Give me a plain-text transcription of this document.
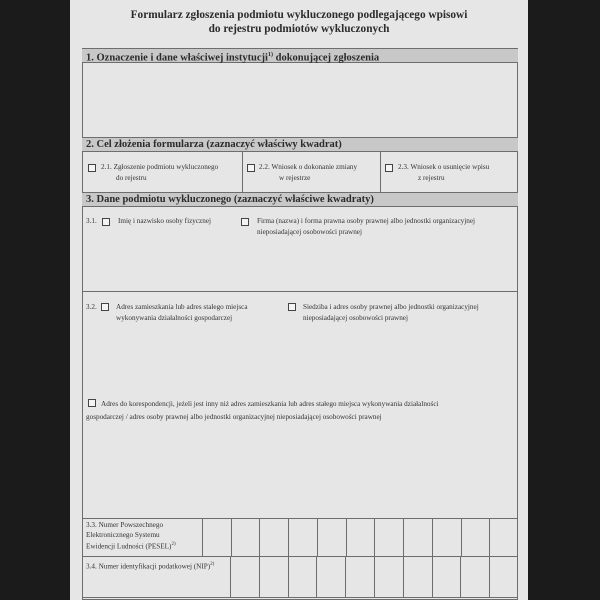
Formularz zgłoszenia podmiotu wykluczonego podlegającego wpisowi
do rejestru podmiotów wykluczonych
1. Oznaczenie i dane właściwej instytucji$^{1)}$ dokonującej zgłoszenia
2. Cel złożenia formularza (zaznaczyć właściwy kwadrat)
2.1. Zgłoszenie podmiotu wykluczonego
do rejestru
2.2. Wniosek o dokonanie zmiany
w rejestrze
2.3. Wniosek o usunięcie wpisu
z rejestru
3. Dane podmiotu wykluczonego (zaznaczyć właściwe kwadraty)
3.1.	Imię i nazwisko osoby fizycznej	Firma (nazwa) i forma prawna osoby prawnej albo jednostki organizacyjnej
nieposiadającej osobowości prawnej
3.2.	Adres zamieszkania lub adres stałego miejsca
wykonywania działalności gospodarczej
Siedziba i adres osoby prawnej albo jednostki organizacyjnej
nieposiadającej osobowości prawnej
Adres do korespondencji, jeżeli jest inny niż adres zamieszkania lub adres stałego miejsca wykonywania działalności
gospodarczej / adres osoby prawnej albo jednostki organizacyjnej nieposiadającej osobowości prawnej
3.3. Numer Powszechnego
Elektronicznego Systemu
Ewidencji Ludności (PESEL)$^{2)}$
3.4. Numer identyfikacji podatkowej (NIP)$^{2)}$
